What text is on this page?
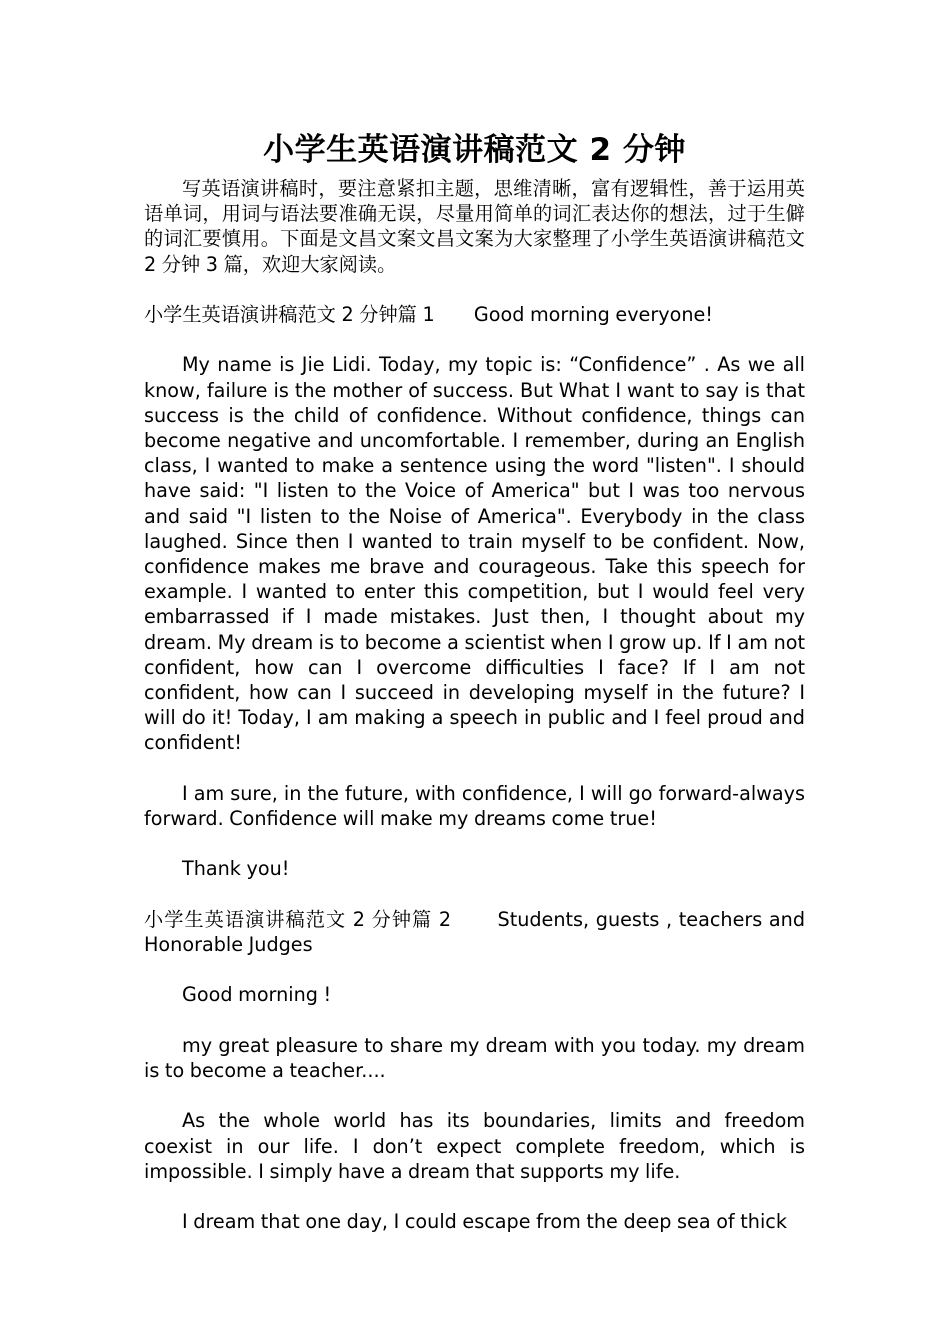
小学生英语演讲稿范文 2 分钟

写英语演讲稿时，要注意紧扣主题，思维清晰，富有逻辑性，善于运用英语单词，用词与语法要准确无误，尽量用简单的词汇表达你的想法，过于生僻的词汇要慎用。下面是文昌文案文昌文案为大家整理了小学生英语演讲稿范文 2 分钟 3 篇，欢迎大家阅读。

小学生英语演讲稿范文 2 分钟篇 1 Good morning everyone!

My name is Jie Lidi. Today, my topic is: “Confidence” . As we all know, failure is the mother of success. But What I want to say is that success is the child of confidence. Without confidence, things can become negative and uncomfortable. I remember, during an English class, I wanted to make a sentence using the word "listen". I should have said: "I listen to the Voice of America" but I was too nervous and said "I listen to the Noise of America". Everybody in the class laughed. Since then I wanted to train myself to be confident. Now, confidence makes me brave and courageous. Take this speech for example. I wanted to enter this competition, but I would feel very embarrassed if I made mistakes. Just then, I thought about my dream. My dream is to become a scientist when I grow up. If I am not confident, how can I overcome difficulties I face? If I am not confident, how can I succeed in developing myself in the future? I will do it! Today, I am making a speech in public and I feel proud and confident!

I am sure, in the future, with confidence, I will go forward-always forward. Confidence will make my dreams come true!

Thank you!

小学生英语演讲稿范文 2 分钟篇 2 Students, guests , teachers and Honorable Judges

Good morning !

my great pleasure to share my dream with you today. my dream is to become a teacher....

As the whole world has its boundaries, limits and freedom coexist in our life. I don’t expect complete freedom, which is impossible. I simply have a dream that supports my life.

I dream that one day, I could escape from the deep sea of thick
